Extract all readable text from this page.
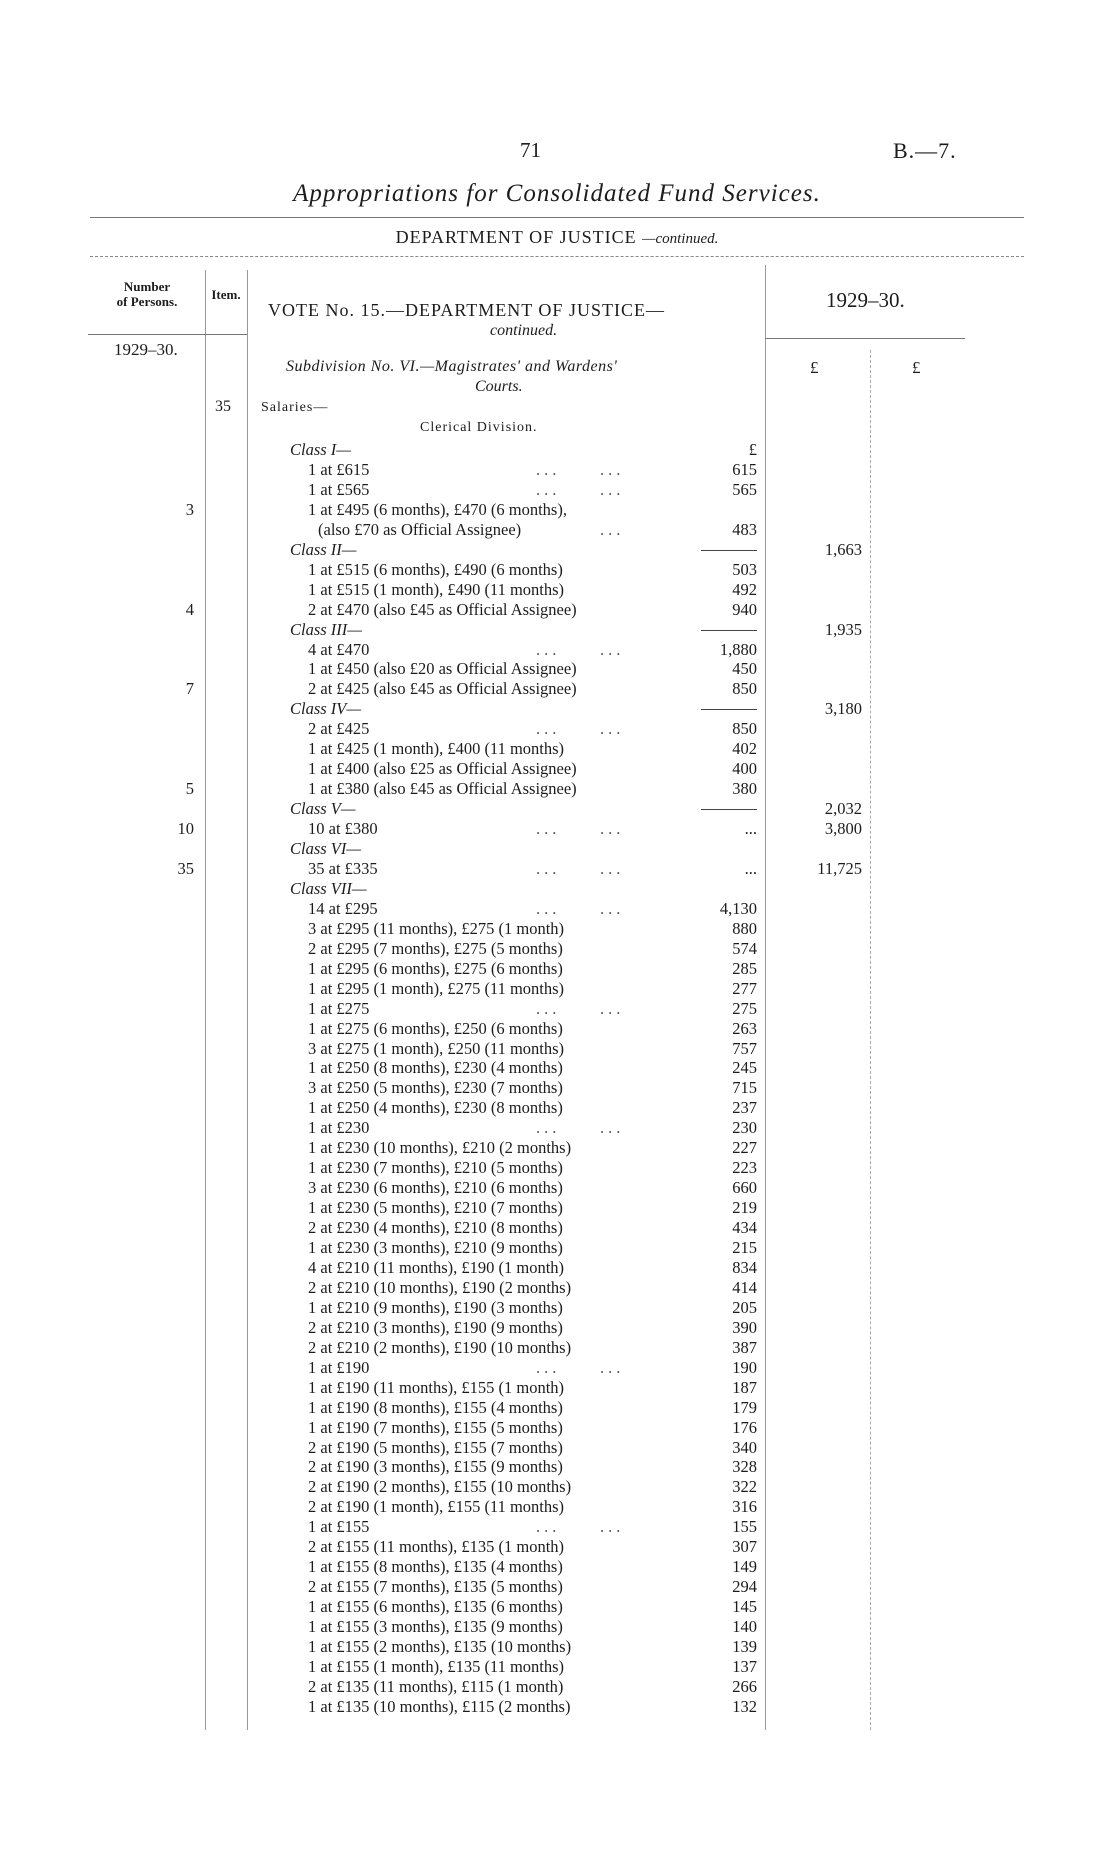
71	B.—7.
Appropriations for Consolidated Fund Services.
DEPARTMENT OF JUSTICE —continued.
Number
of Persons.	Item.
VOTE No. 15.—DEPARTMENT OF JUSTICE—
continued.
1929–30.
1929–30.
£	£
Subdivision No. VI.—Magistrates' and Wardens'
Courts.
35 Salaries—
Clerical Division.
Class I—	£
1 at £615	... ...	615
1 at £565	... ...	565
3	1 at £495 (6 months), £470 (6 months),
(also £70 as Official Assignee)	...	483
Class II—	1,663
1 at £515 (6 months), £490 (6 months)	503
1 at £515 (1 month), £490 (11 months)	492
4	2 at £470 (also £45 as Official Assignee)	940
Class III—	1,935
4 at £470	... ...	1,880
1 at £450 (also £20 as Official Assignee)	450
7	2 at £425 (also £45 as Official Assignee)	850
Class IV—	3,180
2 at £425	... ...	850
1 at £425 (1 month), £400 (11 months)	402
1 at £400 (also £25 as Official Assignee)	400
5	1 at £380 (also £45 as Official Assignee)	380
Class V—	2,032
10	10 at £380	... ...	...	3,800
Class VI—
35	35 at £335	... ...	...	11,725
Class VII—
14 at £295	... ...	4,130
3 at £295 (11 months), £275 (1 month)	880
2 at £295 (7 months), £275 (5 months)	574
1 at £295 (6 months), £275 (6 months)	285
1 at £295 (1 month), £275 (11 months)	277
1 at £275	... ...	275
1 at £275 (6 months), £250 (6 months)	263
3 at £275 (1 month), £250 (11 months)	757
1 at £250 (8 months), £230 (4 months)	245
3 at £250 (5 months), £230 (7 months)	715
1 at £250 (4 months), £230 (8 months)	237
1 at £230	... ...	230
1 at £230 (10 months), £210 (2 months)	227
1 at £230 (7 months), £210 (5 months)	223
3 at £230 (6 months), £210 (6 months)	660
1 at £230 (5 months), £210 (7 months)	219
2 at £230 (4 months), £210 (8 months)	434
1 at £230 (3 months), £210 (9 months)	215
4 at £210 (11 months), £190 (1 month)	834
2 at £210 (10 months), £190 (2 months)	414
1 at £210 (9 months), £190 (3 months)	205
2 at £210 (3 months), £190 (9 months)	390
2 at £210 (2 months), £190 (10 months)	387
1 at £190	... ...	190
1 at £190 (11 months), £155 (1 month)	187
1 at £190 (8 months), £155 (4 months)	179
1 at £190 (7 months), £155 (5 months)	176
2 at £190 (5 months), £155 (7 months)	340
2 at £190 (3 months), £155 (9 months)	328
2 at £190 (2 months), £155 (10 months)	322
2 at £190 (1 month), £155 (11 months)	316
1 at £155	... ...	155
2 at £155 (11 months), £135 (1 month)	307
1 at £155 (8 months), £135 (4 months)	149
2 at £155 (7 months), £135 (5 months)	294
1 at £155 (6 months), £135 (6 months)	145
1 at £155 (3 months), £135 (9 months)	140
1 at £155 (2 months), £135 (10 months)	139
1 at £155 (1 month), £135 (11 months)	137
2 at £135 (11 months), £115 (1 month)	266
1 at £135 (10 months), £115 (2 months)	132
